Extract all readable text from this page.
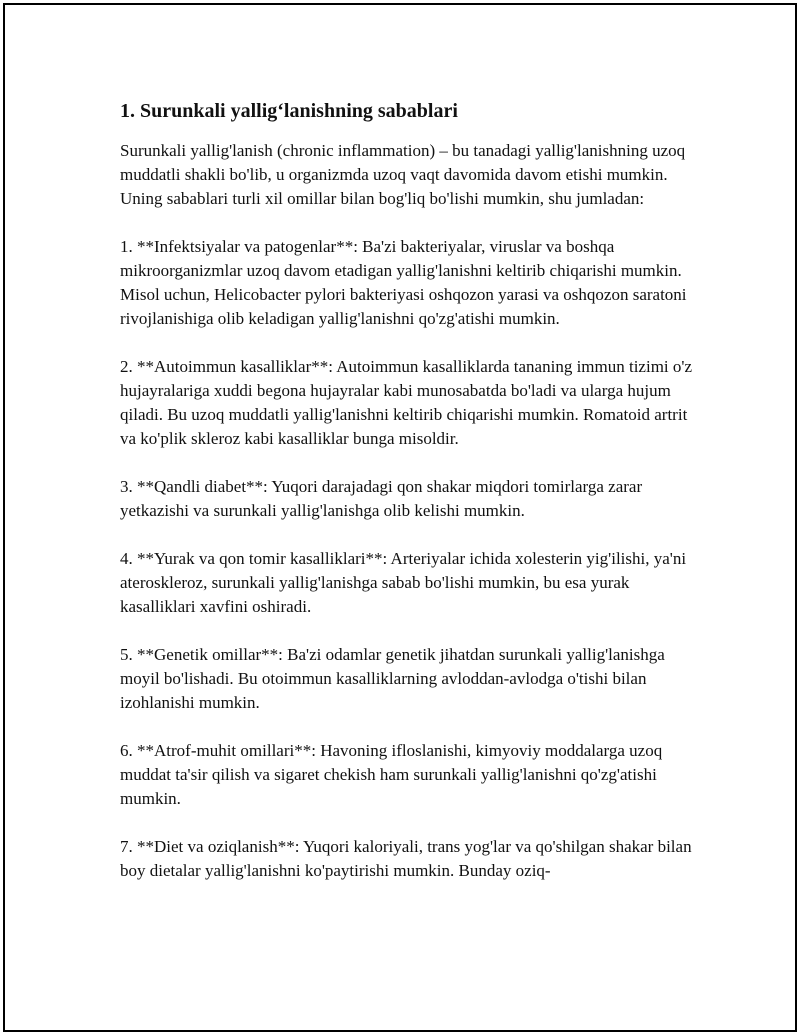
1. Surunkali yallig‘lanishning sabablari

Surunkali yallig'lanish (chronic inflammation) – bu tanadagi yallig'lanishning uzoq muddatli shakli bo'lib, u organizmda uzoq vaqt davomida davom etishi mumkin. Uning sabablari turli xil omillar bilan bog'liq bo'lishi mumkin, shu jumladan:

1. **Infektsiyalar va patogenlar**: Ba'zi bakteriyalar, viruslar va boshqa mikroorganizmlar uzoq davom etadigan yallig'lanishni keltirib chiqarishi mumkin. Misol uchun, Helicobacter pylori bakteriyasi oshqozon yarasi va oshqozon saratoni rivojlanishiga olib keladigan yallig'lanishni qo'zg'atishi mumkin.

2. **Autoimmun kasalliklar**: Autoimmun kasalliklarda tananing immun tizimi o'z hujayralariga xuddi begona hujayralar kabi munosabatda bo'ladi va ularga hujum qiladi. Bu uzoq muddatli yallig'lanishni keltirib chiqarishi mumkin. Romatoid artrit va ko'plik skleroz kabi kasalliklar bunga misoldir.

3. **Qandli diabet**: Yuqori darajadagi qon shakar miqdori tomirlarga zarar yetkazishi va surunkali yallig'lanishga olib kelishi mumkin.

4. **Yurak va qon tomir kasalliklari**: Arteriyalar ichida xolesterin yig'ilishi, ya'ni ateroskleroz, surunkali yallig'lanishga sabab bo'lishi mumkin, bu esa yurak kasalliklari xavfini oshiradi.

5. **Genetik omillar**: Ba'zi odamlar genetik jihatdan surunkali yallig'lanishga moyil bo'lishadi. Bu otoimmun kasalliklarning avloddan-avlodga o'tishi bilan izohlanishi mumkin.

6. **Atrof-muhit omillari**: Havoning ifloslanishi, kimyoviy moddalarga uzoq muddat ta'sir qilish va sigaret chekish ham surunkali yallig'lanishni qo'zg'atishi mumkin.

7. **Diet va oziqlanish**: Yuqori kaloriyali, trans yog'lar va qo'shilgan shakar bilan boy dietalar yallig'lanishni ko'paytirishi mumkin. Bunday oziq-
